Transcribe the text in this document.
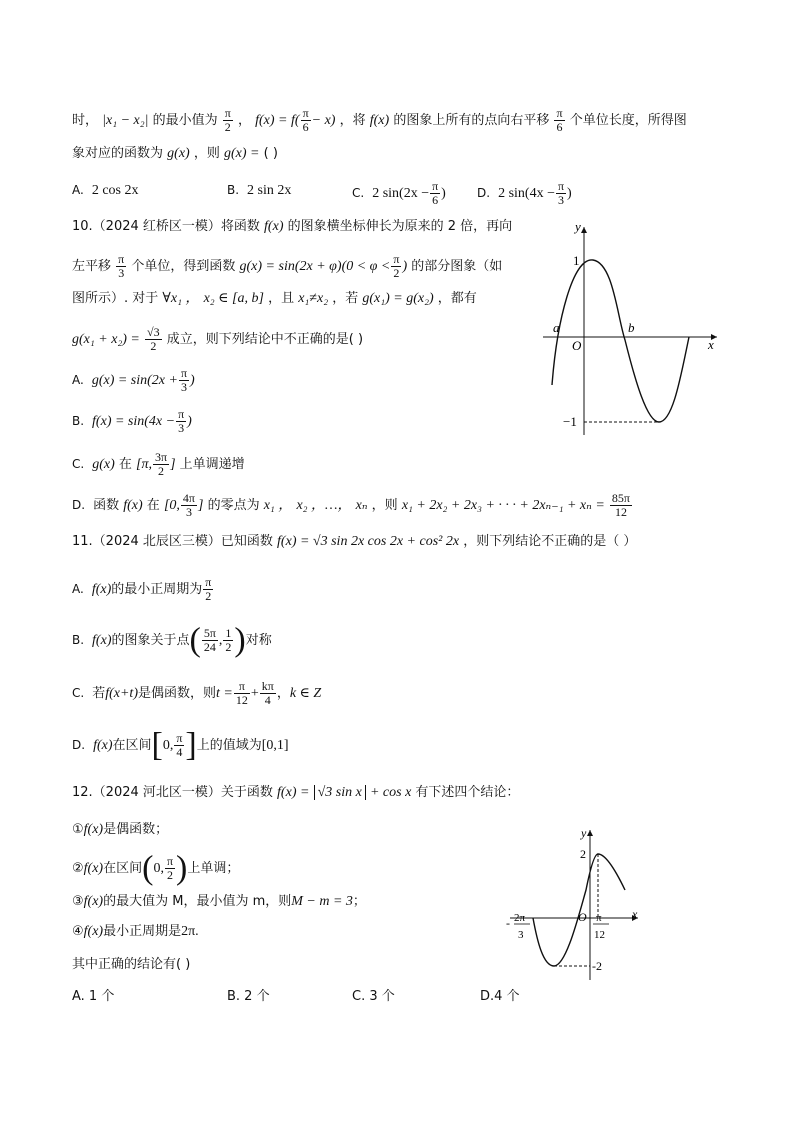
时， |x₁ − x₂| 的最小值为 $\frac{\pi}{2}$ ， $f(x) = f( \frac{\pi}{6} - x)$ ，将 f(x) 的图象上所有的点向右平移 $\frac{\pi}{6}$ 个单位长度，所得图
象对应的函数为 g(x) ，则 g(x) = ( )
A. 2 cos 2x	B. 2 sin 2x	C. 2 $\sin(2x - \frac{\pi}{6}$ )	D. 2 $\sin(4x - \frac{\pi}{3}$ )
10.（2024 红桥区一模）将函数 f(x) 的图象横坐标伸长为原来的 2 倍，再向
左平移 $\frac{\pi}{3}$ 个单位，得到函数 $g(x) = \sin(2x + \varphi)(0 < \varphi < \frac{\pi}{2}$ ) 的部分图象（如
图所示）. 对于 ∀x₁ ， x₂ ∈ [a, b] ，且 x₁≠x₂ ，若 g(x₁) = g(x₂) ，都有
$g(x_1 + x_2) = \frac{√3}{2}$ 成立，则下列结论中不正确的是( )
A. $g(x) = \sin(2x + \frac{\pi}{3}$ )
B. $f(x) = \sin(4x - \frac{\pi}{3}$ )
C. g(x) 在 [π, $\frac{3\pi}{2}$ ] 上单调递增
D. 函数 f(x) 在 [0, $\frac{4\pi}{3}$ ] 的零点为 x₁ ， x₂ ，…， xₙ ，则 x₁ + 2x₂ + 2x₃ + · · · + $2x_{n-1} + x_n = \frac{85\pi}{12}$
y
x
1
−1
a	b
O
11.（2024 北辰区三模）已知函数 f(x) = √3 sin 2x cos 2x + cos² 2x ，则下列结论不正确的是（ ）
A. f(x)的最小正周期为 $\frac{\pi}{2}$
B. f(x)的图象关于点( $\frac{5\pi}{24}$ , $\frac{1}{2}$ )对称
C. 若f(x+t)是偶函数，则$t = \frac{\pi}{12} + \frac{k\pi}{4}$ ，k ∈ Z
D. f(x)在区间[0, $\frac{\pi}{4}$ ]上的值域为[0,1]
12.（2024 河北区一模）关于函数 f(x) = √3 sin x + cos x 有下述四个结论：
①f(x)是偶函数；
②f(x)在区间(0, $\frac{\pi}{2}$ )上单调；
③f(x)的最大值为 M，最小值为 m，则M − m = 3；
④f(x)最小正周期是2π.
其中正确的结论有( )
A. 1 个	B. 2 个	C. 3 个	D.4 个
y
x
2
-2
O
- 2π
3
π
12
